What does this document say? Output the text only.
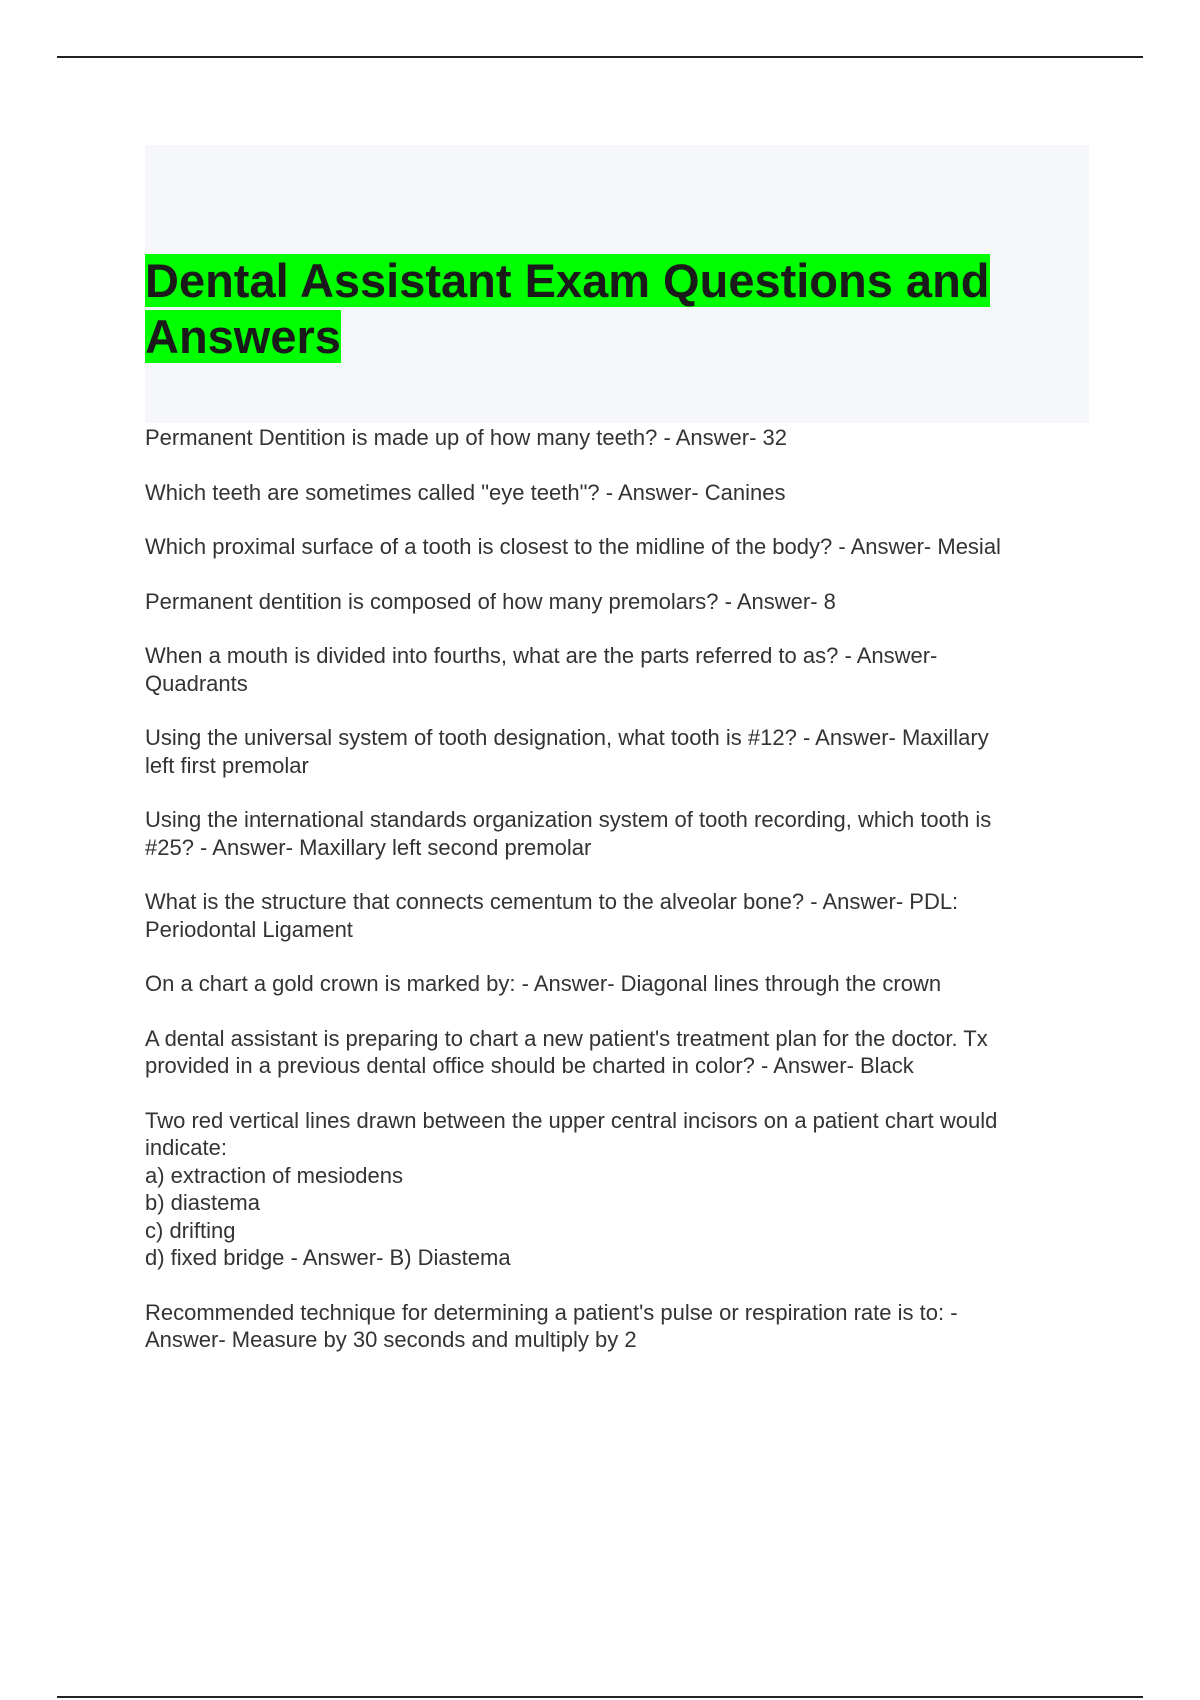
Dental Assistant Exam Questions and
Answers
Permanent Dentition is made up of how many teeth? - Answer- 32
Which teeth are sometimes called "eye teeth"? - Answer- Canines
Which proximal surface of a tooth is closest to the midline of the body? - Answer- Mesial
Permanent dentition is composed of how many premolars? - Answer- 8
When a mouth is divided into fourths, what are the parts referred to as? - Answer-
Quadrants
Using the universal system of tooth designation, what tooth is #12? - Answer- Maxillary
left first premolar
Using the international standards organization system of tooth recording, which tooth is
#25? - Answer- Maxillary left second premolar
What is the structure that connects cementum to the alveolar bone? - Answer- PDL:
Periodontal Ligament
On a chart a gold crown is marked by: - Answer- Diagonal lines through the crown
A dental assistant is preparing to chart a new patient's treatment plan for the doctor. Tx
provided in a previous dental office should be charted in color? - Answer- Black
Two red vertical lines drawn between the upper central incisors on a patient chart would
indicate:
a) extraction of mesiodens
b) diastema
c) drifting
d) fixed bridge - Answer- B) Diastema
Recommended technique for determining a patient's pulse or respiration rate is to: -
Answer- Measure by 30 seconds and multiply by 2
